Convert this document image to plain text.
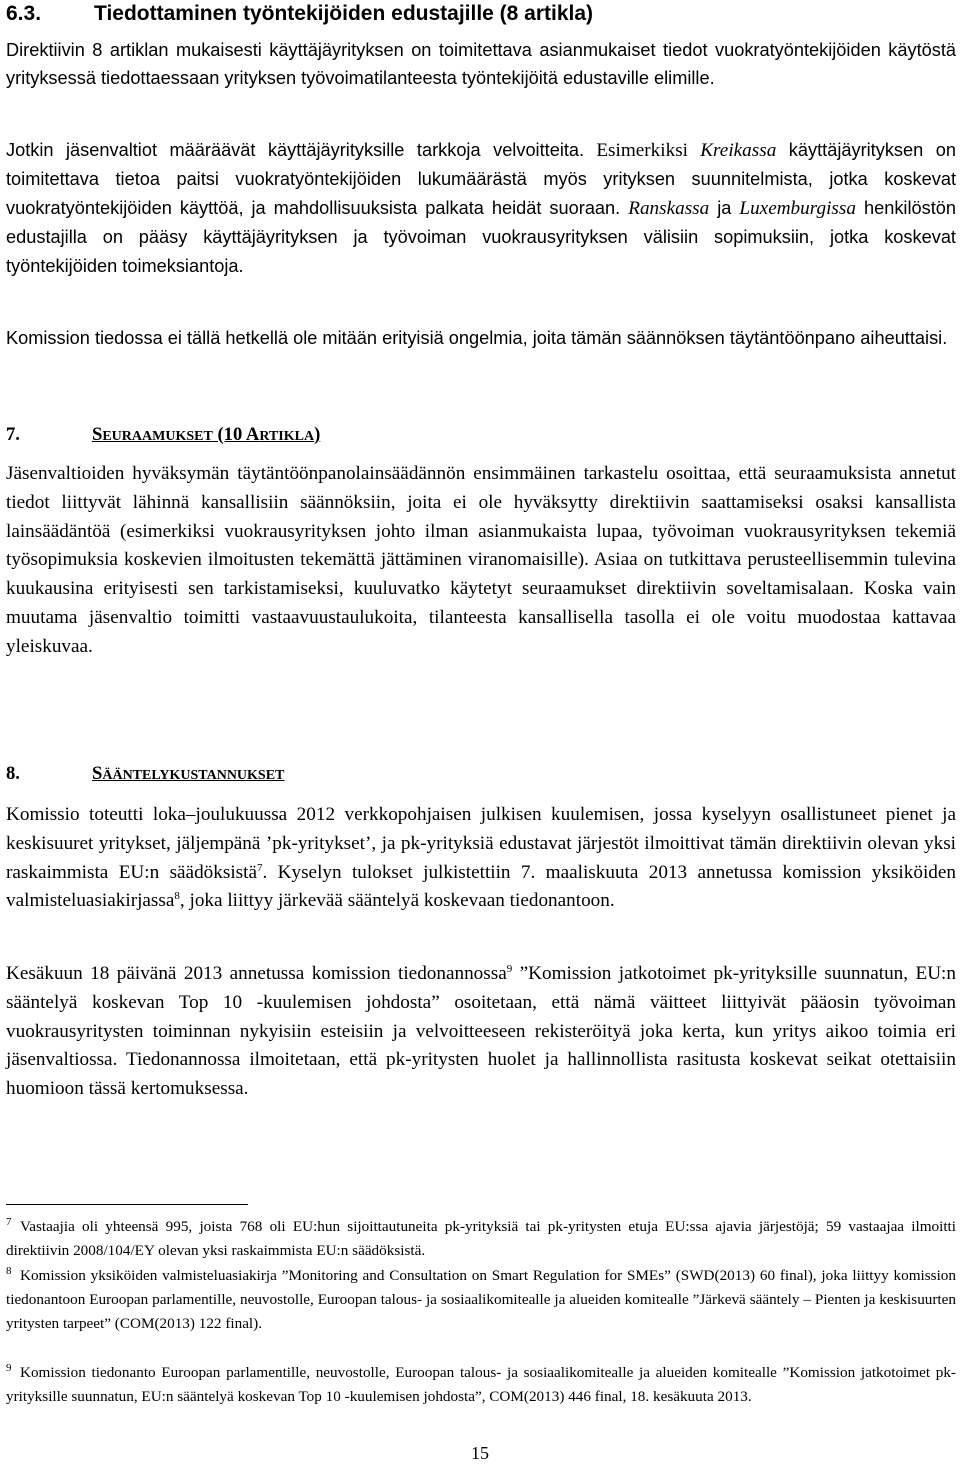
6.3.	Tiedottaminen työntekijöiden edustajille (8 artikla)

Direktiivin 8 artiklan mukaisesti käyttäjäyrityksen on toimitettava asianmukaiset tiedot vuokratyöntekijöiden käytöstä yrityksessä tiedottaessaan yrityksen työvoimatilanteesta työntekijöitä edustaville elimille.

Jotkin jäsenvaltiot määräävät käyttäjäyrityksille tarkkoja velvoitteita. Esimerkiksi Kreikassa käyttäjäyrityksen on toimitettava tietoa paitsi vuokratyöntekijöiden lukumäärästä myös yrityksen suunnitelmista, jotka koskevat vuokratyöntekijöiden käyttöä, ja mahdollisuuksista palkata heidät suoraan. Ranskassa ja Luxemburgissa henkilöstön edustajilla on pääsy käyttäjäyrityksen ja työvoiman vuokrausyrityksen välisiin sopimuksiin, jotka koskevat työntekijöiden toimeksiantoja.

Komission tiedossa ei tällä hetkellä ole mitään erityisiä ongelmia, joita tämän säännöksen täytäntöönpano aiheuttaisi.

7.	SEURAAMUKSET (10 ARTIKLA)

Jäsenvaltioiden hyväksymän täytäntöönpanolainsäädännön ensimmäinen tarkastelu osoittaa, että seuraamuksista annetut tiedot liittyvät lähinnä kansallisiin säännöksiin, joita ei ole hyväksytty direktiivin saattamiseksi osaksi kansallista lainsäädäntöä (esimerkiksi vuokrausyrityksen johto ilman asianmukaista lupaa, työvoiman vuokrausyrityksen tekemiä työsopimuksia koskevien ilmoitusten tekemättä jättäminen viranomaisille). Asiaa on tutkittava perusteellisemmin tulevina kuukausina erityisesti sen tarkistamiseksi, kuuluvatko käytetyt seuraamukset direktiivin soveltamisalaan. Koska vain muutama jäsenvaltio toimitti vastaavuustaulukoita, tilanteesta kansallisella tasolla ei ole voitu muodostaa kattavaa yleiskuvaa.

8.	SÄÄNTELYKUSTANNUKSET

Komissio toteutti loka–joulukuussa 2012 verkkopohjaisen julkisen kuulemisen, jossa kyselyyn osallistuneet pienet ja keskisuuret yritykset, jäljempänä ’pk-yritykset’, ja pk-yrityksiä edustavat järjestöt ilmoittivat tämän direktiivin olevan yksi raskaimmista EU:n säädöksistä$^7$. Kyselyn tulokset julkistettiin 7. maaliskuuta 2013 annetussa komission yksiköiden valmisteluasiakirjassa$^8$, joka liittyy järkevää sääntelyä koskevaan tiedonantoon.

Kesäkuun 18 päivänä 2013 annetussa komission tiedonannossa$^9$ ”Komission jatkotoimet pk-yrityksille suunnatun, EU:n sääntelyä koskevan Top 10 -kuulemisen johdosta” osoitetaan, että nämä väitteet liittyivät pääosin työvoiman vuokrausyritysten toiminnan nykyisiin esteisiin ja velvoitteeseen rekisteröityä joka kerta, kun yritys aikoo toimia eri jäsenvaltiossa. Tiedonannossa ilmoitetaan, että pk-yritysten huolet ja hallinnollista rasitusta koskevat seikat otettaisiin huomioon tässä kertomuksessa.

7 Vastaajia oli yhteensä 995, joista 768 oli EU:hun sijoittautuneita pk-yrityksiä tai pk-yritysten etuja EU:ssa ajavia järjestöjä; 59 vastaajaa ilmoitti direktiivin 2008/104/EY olevan yksi raskaimmista EU:n säädöksistä.

8 Komission yksiköiden valmisteluasiakirja ”Monitoring and Consultation on Smart Regulation for SMEs” (SWD(2013) 60 final), joka liittyy komission tiedonantoon Euroopan parlamentille, neuvostolle, Euroopan talous- ja sosiaalikomitealle ja alueiden komitealle ”Järkevä sääntely – Pienten ja keskisuurten yritysten tarpeet” (COM(2013) 122 final).

9 Komission tiedonanto Euroopan parlamentille, neuvostolle, Euroopan talous- ja sosiaalikomitealle ja alueiden komitealle ”Komission jatkotoimet pk-yrityksille suunnatun, EU:n sääntelyä koskevan Top 10 -kuulemisen johdosta”, COM(2013) 446 final, 18. kesäkuuta 2013.

15
